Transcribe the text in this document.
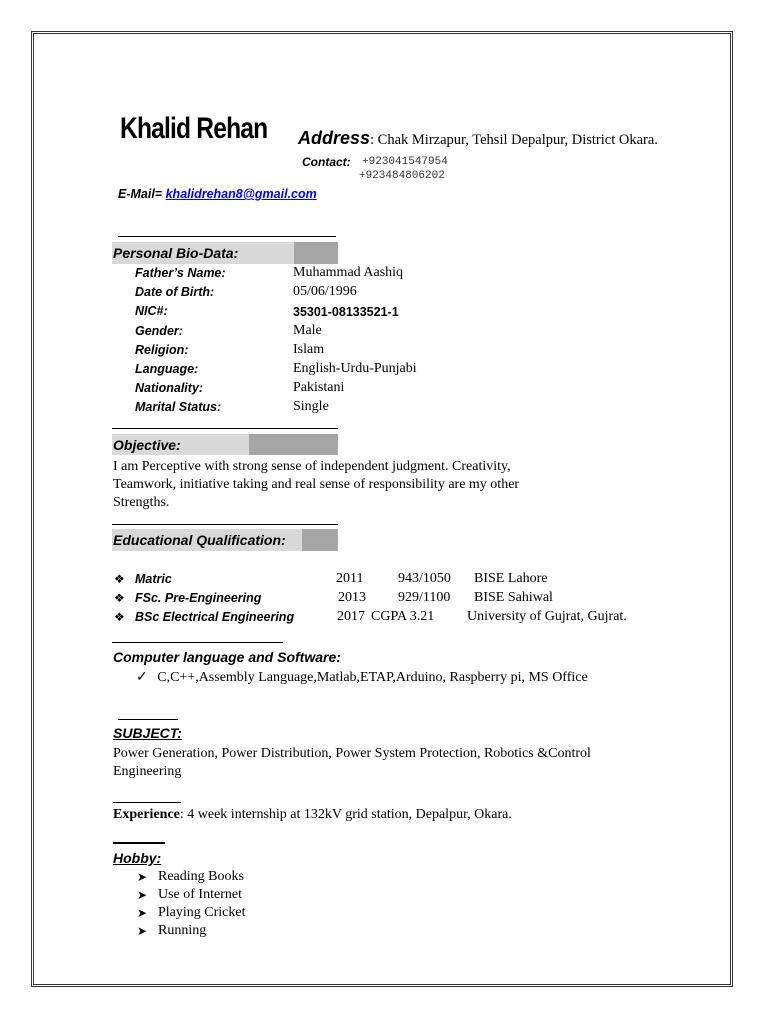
Khalid Rehan Address: Chak Mirzapur, Tehsil Depalpur, District Okara.
Contact: +923041547954
+923484806202
E-Mail= khalidrehan8@gmail.com
Personal Bio-Data:
Father’s Name:	Muhammad Aashiq
Date of Birth:	05/06/1996
NIC#:	35301-08133521-1
Gender:	Male
Religion:	Islam
Language:	English-Urdu-Punjabi
Nationality:	Pakistani
Marital Status:	Single
Objective:
I am Perceptive with strong sense of independent judgment. Creativity,
Teamwork, initiative taking and real sense of responsibility are my other
Strengths.
Educational Qualification:
❖ Matric	2011 943/1050 BISE Lahore
❖ FSc. Pre-Engineering	2013 929/1100 BISE Sahiwal
❖ BSc Electrical Engineering	2017 CGPA 3.21 University of Gujrat, Gujrat.
Computer language and Software:
✓ C,C++,Assembly Language,Matlab,ETAP,Arduino, Raspberry pi, MS Office
SUBJECT:
Power Generation, Power Distribution, Power System Protection, Robotics &Control
Engineering
Experience: 4 week internship at 132kV grid station, Depalpur, Okara.
Hobby:
➤ Reading Books
➤ Use of Internet
➤ Playing Cricket
➤ Running
